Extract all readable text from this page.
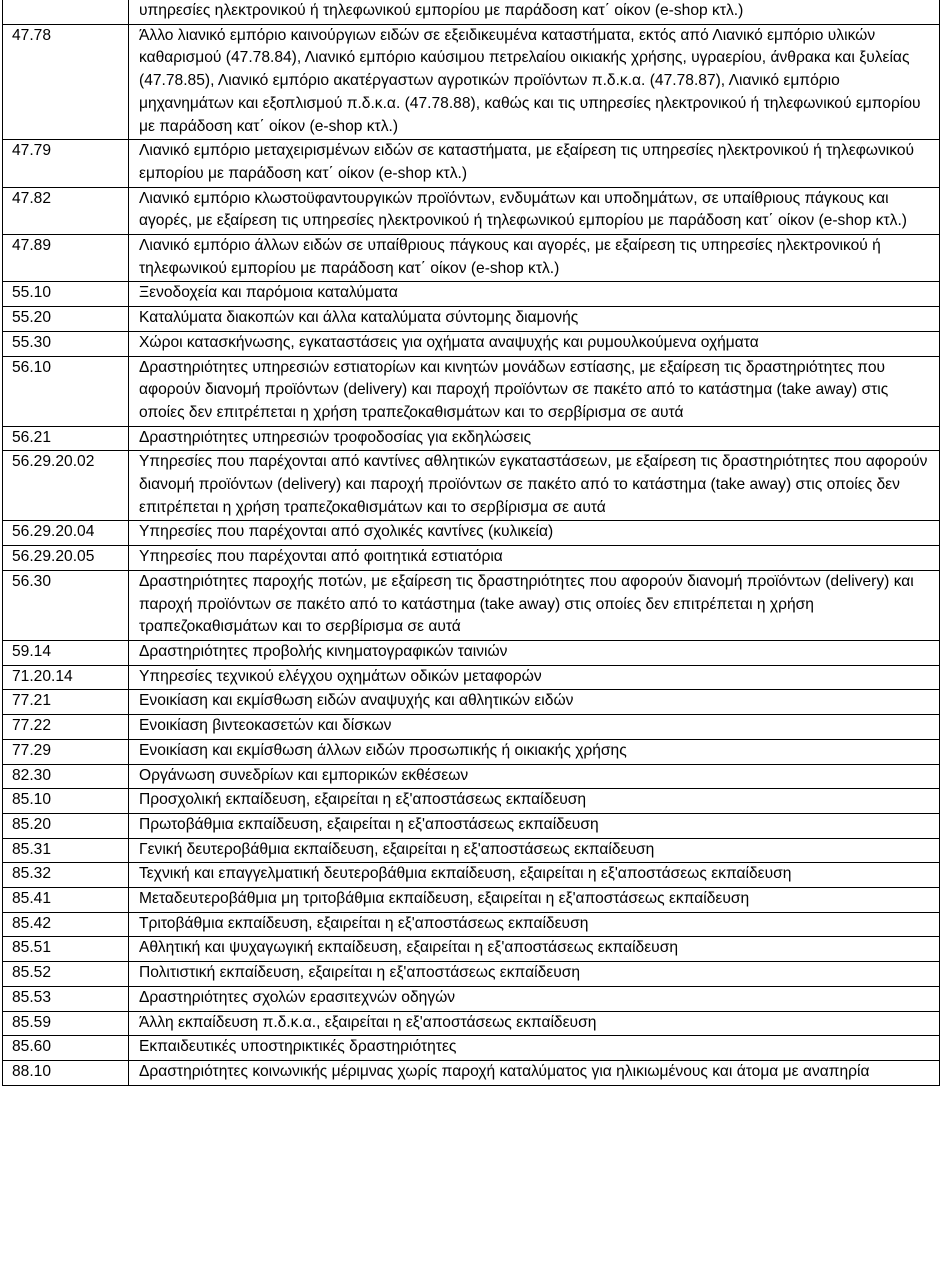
	υπηρεσίες ηλεκτρονικού ή τηλεφωνικού εμπορίου με παράδοση κατ΄ οίκον (e-shop κτλ.)
47.78	Άλλο λιανικό εμπόριο καινούργιων ειδών σε εξειδικευμένα καταστήματα, εκτός από Λιανικό εμπόριο υλικών καθαρισμού (47.78.84), Λιανικό εμπόριο καύσιμου πετρελαίου οικιακής χρήσης, υγραερίου, άνθρακα και ξυλείας (47.78.85), Λιανικό εμπόριο ακατέργαστων αγροτικών προϊόντων π.δ.κ.α. (47.78.87), Λιανικό εμπόριο μηχανημάτων και εξοπλισμού π.δ.κ.α. (47.78.88), καθώς και τις υπηρεσίες ηλεκτρονικού ή τηλεφωνικού εμπορίου με παράδοση κατ΄ οίκον (e-shop κτλ.)
47.79	Λιανικό εμπόριο μεταχειρισμένων ειδών σε καταστήματα, με εξαίρεση τις υπηρεσίες ηλεκτρονικού ή τηλεφωνικού εμπορίου με παράδοση κατ΄ οίκον (e-shop κτλ.)
47.82	Λιανικό εμπόριο κλωστοϋφαντουργικών προϊόντων, ενδυμάτων και υποδημάτων, σε υπαίθριους πάγκους και αγορές, με εξαίρεση τις υπηρεσίες ηλεκτρονικού ή τηλεφωνικού εμπορίου με παράδοση κατ΄ οίκον (e-shop κτλ.)
47.89	Λιανικό εμπόριο άλλων ειδών σε υπαίθριους πάγκους και αγορές, με εξαίρεση τις υπηρεσίες ηλεκτρονικού ή τηλεφωνικού εμπορίου με παράδοση κατ΄ οίκον (e-shop κτλ.)
55.10	Ξενοδοχεία και παρόμοια καταλύματα
55.20	Καταλύματα διακοπών και άλλα καταλύματα σύντομης διαμονής
55.30	Χώροι κατασκήνωσης, εγκαταστάσεις για οχήματα αναψυχής και ρυμουλκούμενα οχήματα
56.10	Δραστηριότητες υπηρεσιών εστιατορίων και κινητών μονάδων εστίασης, με εξαίρεση τις δραστηριότητες που αφορούν διανομή προϊόντων (delivery) και παροχή προϊόντων σε πακέτο από το κατάστημα (take away) στις οποίες δεν επιτρέπεται η χρήση τραπεζοκαθισμάτων και το σερβίρισμα σε αυτά
56.21	Δραστηριότητες υπηρεσιών τροφοδοσίας για εκδηλώσεις
56.29.20.02	Υπηρεσίες που παρέχονται από καντίνες αθλητικών εγκαταστάσεων, με εξαίρεση τις δραστηριότητες που αφορούν διανομή προϊόντων (delivery) και παροχή προϊόντων σε πακέτο από το κατάστημα (take away) στις οποίες δεν επιτρέπεται η χρήση τραπεζοκαθισμάτων και το σερβίρισμα σε αυτά
56.29.20.04	Υπηρεσίες που παρέχονται από σχολικές καντίνες (κυλικεία)
56.29.20.05	Υπηρεσίες που παρέχονται από φοιτητικά εστιατόρια
56.30	Δραστηριότητες παροχής ποτών, με εξαίρεση τις δραστηριότητες που αφορούν διανομή προϊόντων (delivery) και παροχή προϊόντων σε πακέτο από το κατάστημα (take away) στις οποίες δεν επιτρέπεται η χρήση τραπεζοκαθισμάτων και το σερβίρισμα σε αυτά
59.14	Δραστηριότητες προβολής κινηματογραφικών ταινιών
71.20.14	Υπηρεσίες τεχνικού ελέγχου οχημάτων οδικών μεταφορών
77.21	Ενοικίαση και εκμίσθωση ειδών αναψυχής και αθλητικών ειδών
77.22	Ενοικίαση βιντεοκασετών και δίσκων
77.29	Ενοικίαση και εκμίσθωση άλλων ειδών προσωπικής ή οικιακής χρήσης
82.30	Οργάνωση συνεδρίων και εμπορικών εκθέσεων
85.10	Προσχολική εκπαίδευση, εξαιρείται η εξ'αποστάσεως εκπαίδευση
85.20	Πρωτοβάθμια εκπαίδευση, εξαιρείται η εξ'αποστάσεως εκπαίδευση
85.31	Γενική δευτεροβάθμια εκπαίδευση, εξαιρείται η εξ'αποστάσεως εκπαίδευση
85.32	Τεχνική και επαγγελματική δευτεροβάθμια εκπαίδευση, εξαιρείται η εξ'αποστάσεως εκπαίδευση
85.41	Μεταδευτεροβάθμια μη τριτοβάθμια εκπαίδευση, εξαιρείται η εξ'αποστάσεως εκπαίδευση
85.42	Τριτοβάθμια εκπαίδευση, εξαιρείται η εξ'αποστάσεως εκπαίδευση
85.51	Αθλητική και ψυχαγωγική εκπαίδευση, εξαιρείται η εξ'αποστάσεως εκπαίδευση
85.52	Πολιτιστική εκπαίδευση, εξαιρείται η εξ'αποστάσεως εκπαίδευση
85.53	Δραστηριότητες σχολών ερασιτεχνών οδηγών
85.59	Άλλη εκπαίδευση π.δ.κ.α., εξαιρείται η εξ'αποστάσεως εκπαίδευση
85.60	Εκπαιδευτικές υποστηρικτικές δραστηριότητες
88.10	Δραστηριότητες κοινωνικής μέριμνας χωρίς παροχή καταλύματος για ηλικιωμένους και άτομα με αναπηρία
